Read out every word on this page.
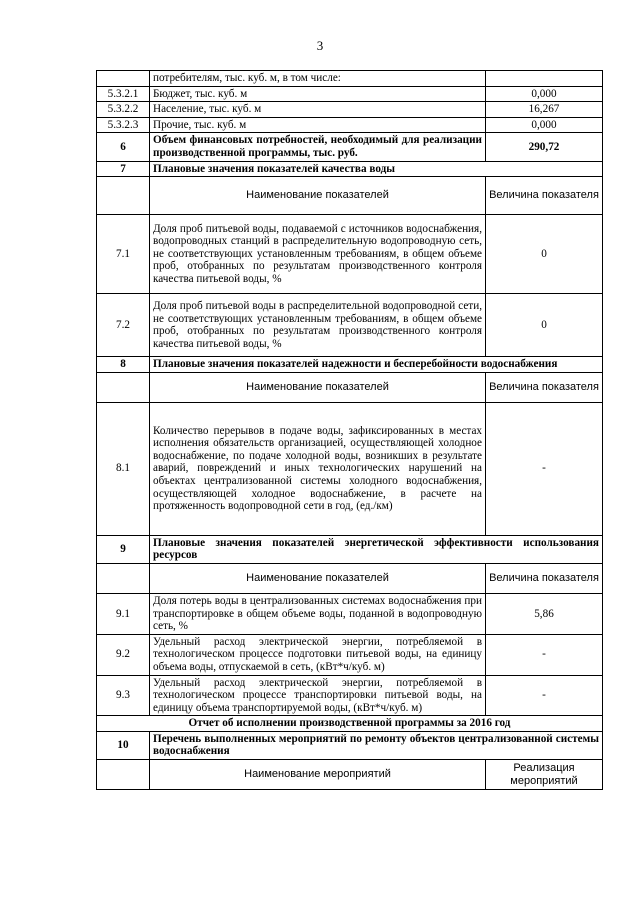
3
	потребителям, тыс. куб. м, в том числе:	
5.3.2.1	Бюджет, тыс. куб. м	0,000
5.3.2.2	Население, тыс. куб. м	16,267
5.3.2.3	Прочие, тыс. куб. м	0,000
6	Объем финансовых потребностей, необходимый для реализации производственной программы, тыс. руб.	290,72
7	Плановые значения показателей качества воды	
	Наименование показателей	Величина показателя
7.1	Доля проб питьевой воды, подаваемой с источников водоснабжения, водопроводных станций в распределительную водопроводную сеть, не соответствующих установленным требованиям, в общем объеме проб, отобранных по результатам производственного контроля качества питьевой воды, %	0
7.2	Доля проб питьевой воды в распределительной водопроводной сети, не соответствующих установленным требованиям, в общем объеме проб, отобранных по результатам производственного контроля качества питьевой воды, %	0
8	Плановые значения показателей надежности и бесперебойности водоснабжения	
	Наименование показателей	Величина показателя
8.1	Количество перерывов в подаче воды, зафиксированных в местах исполнения обязательств организацией, осуществляющей холодное водоснабжение, по подаче холодной воды, возникших в результате аварий, повреждений и иных технологических нарушений на объектах централизованной системы холодного водоснабжения, осуществляющей холодное водоснабжение, в расчете на протяженность водопроводной сети в год, (ед./км)	-
9	Плановые значения показателей энергетической эффективности использования ресурсов	
	Наименование показателей	Величина показателя
9.1	Доля потерь воды в централизованных системах водоснабжения при транспортировке в общем объеме воды, поданной в водопроводную сеть, %	5,86
9.2	Удельный расход электрической энергии, потребляемой в технологическом процессе подготовки питьевой воды, на единицу объема воды, отпускаемой в сеть, (кВт*ч/куб. м)	-
9.3	Удельный расход электрической энергии, потребляемой в технологическом процессе транспортировки питьевой воды, на единицу объема транспортируемой воды, (кВт*ч/куб. м)	-
Отчет об исполнении производственной программы за 2016 год		
10	Перечень выполненных мероприятий по ремонту объектов централизованной системы водоснабжения	
	Наименование мероприятий	Реализация мероприятий
